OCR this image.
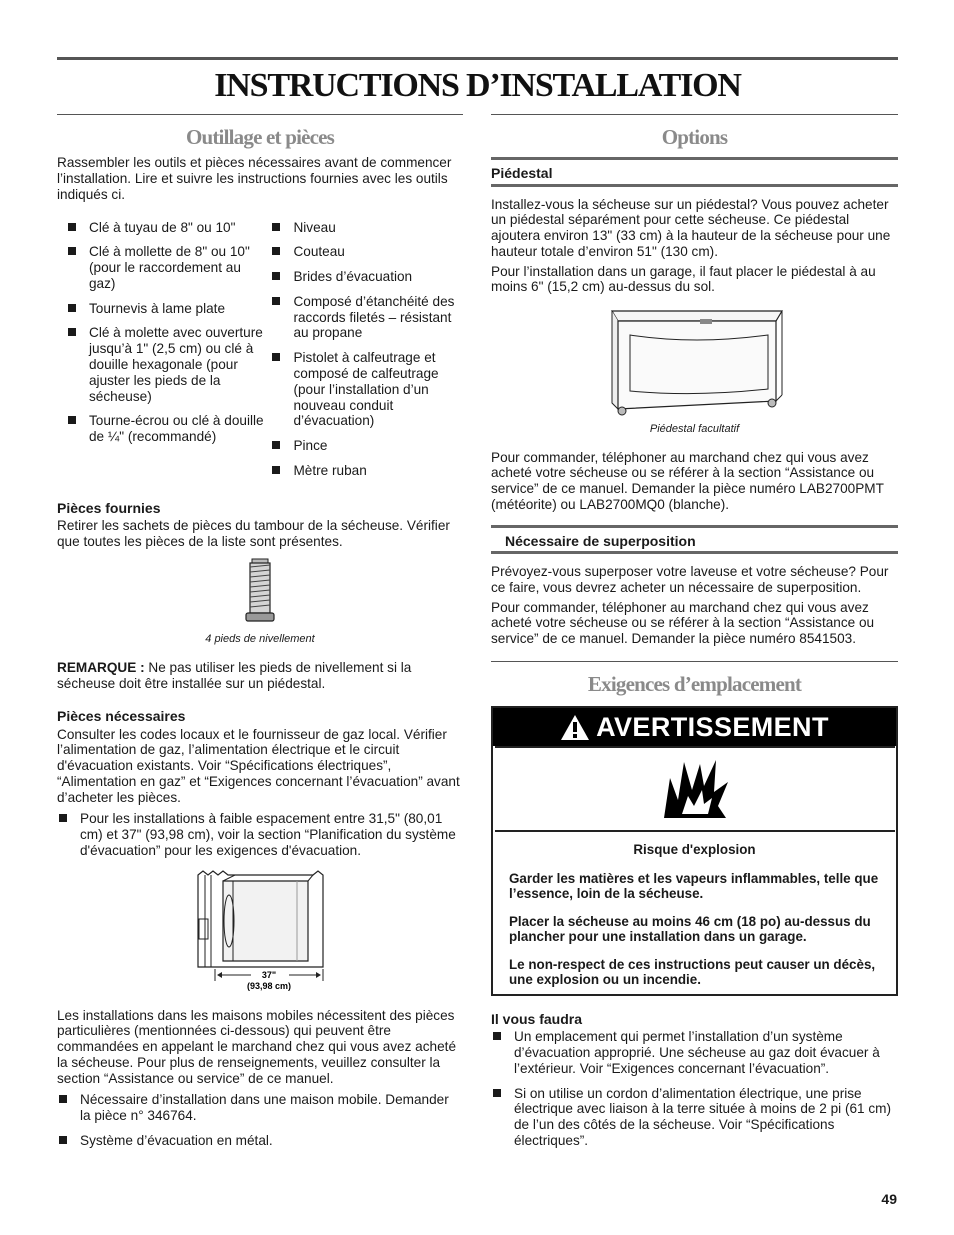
INSTRUCTIONS D’INSTALLATION
Outillage et pièces

Rassembler les outils et pièces nécessaires avant de commencer l’installation. Lire et suivre les instructions fournies avec les outils indiqués ci.

Clé à tuyau de 8" ou 10"
Clé à mollette de 8" ou 10" (pour le raccordement au gaz)
Tournevis à lame plate
Clé à molette avec ouverture jusqu’à 1" (2,5 cm) ou clé à douille hexagonale (pour ajuster les pieds de la sécheuse)
Tourne-écrou ou clé à douille de ¼" (recommandé)
Niveau
Couteau
Brides d’évacuation
Composé d’étanchéité des raccords filetés – résistant au propane
Pistolet à calfeutrage et composé de calfeutrage (pour l’installation d’un nouveau conduit d’évacuation)
Pince
Mètre ruban
Pièces fournies

Retirer les sachets de pièces du tambour de la sécheuse. Vérifier que toutes les pièces de la liste sont présentes.

4 pieds de nivellement

REMARQUE : Ne pas utiliser les pieds de nivellement si la sécheuse doit être installée sur un piédestal.

Pièces nécessaires

Consulter les codes locaux et le fournisseur de gaz local. Vérifier l’alimentation de gaz, l’alimentation électrique et le circuit d'évacuation existants. Voir “Spécifications électriques”, “Alimentation en gaz” et “Exigences concernant l’évacuation” avant d’acheter les pièces.

Pour les installations à faible espacement entre 31,5" (80,01 cm) et 37" (93,98 cm), voir la section “Planification du système d'évacuation” pour les exigences d'évacuation.
37"
(93,98 cm)

Les installations dans les maisons mobiles nécessitent des pièces particulières (mentionnées ci-dessous) qui peuvent être commandées en appelant le marchand chez qui vous avez acheté la sécheuse. Pour plus de renseignements, veuillez consulter la section “Assistance ou service” de ce manuel.

Nécessaire d’installation dans une maison mobile. Demander la pièce n° 346764.
Système d’évacuation en métal.
Options
Piédestal

Installez-vous la sécheuse sur un piédestal? Vous pouvez acheter un piédestal séparément pour cette sécheuse. Ce piédestal ajoutera environ 13" (33 cm) à la hauteur de la sécheuse pour une hauteur totale d’environ 51" (130 cm).

Pour l’installation dans un garage, il faut placer le piédestal à au moins 6" (15,2 cm) au-dessus du sol.

Piédestal facultatif

Pour commander, téléphoner au marchand chez qui vous avez acheté votre sécheuse ou se référer à la section “Assistance ou service” de ce manuel. Demander la pièce numéro LAB2700PMT (météorite) ou LAB2700MQ0 (blanche).

Nécessaire de superposition

Prévoyez-vous superposer votre laveuse et votre sécheuse? Pour ce faire, vous devrez acheter un nécessaire de superposition.

Pour commander, téléphoner au marchand chez qui vous avez acheté votre sécheuse ou se référer à la section “Assistance ou service” de ce manuel. Demander la pièce numéro 8541503.

Exigences d’emplacement
AVERTISSEMENT

Risque d'explosion

Garder les matières et les vapeurs inflammables, telle que l’essence, loin de la sécheuse.

Placer la sécheuse au moins 46 cm (18 po) au-dessus du plancher pour une installation dans un garage.

Le non-respect de ces instructions peut causer un décès, une explosion ou un incendie.

Il vous faudra
Un emplacement qui permet l’installation d’un système d’évacuation approprié. Une sécheuse au gaz doit évacuer à l’extérieur. Voir “Exigences concernant l’évacuation”.
Si on utilise un cordon d’alimentation électrique, une prise électrique avec liaison à la terre située à moins de 2 pi (61 cm) de l’un des côtés de la sécheuse. Voir “Spécifications électriques”.
49
